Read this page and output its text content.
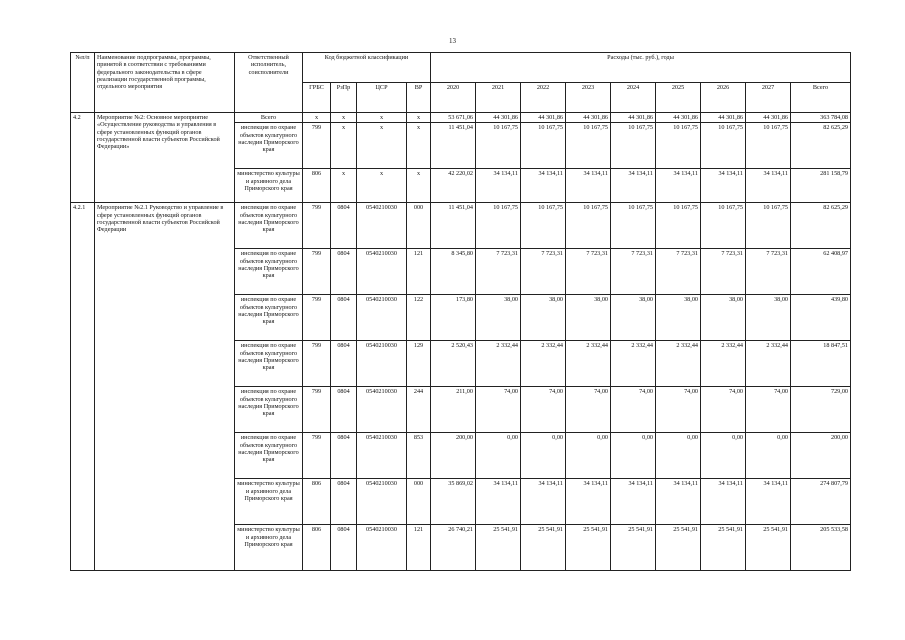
13
№п/п	Наименование подпрограммы, программы, принятой в соответствии с требованиями федерального законодательства в сфере реализации государственной программы, отдельного мероприятия	Ответственный исполнитель, соисполнители	Код бюджетной классификации				Расходы (тыс. руб.), годы								
			ГРБС	РзПр	ЦСР	ВР	2020	2021	2022	2023	2024	2025	2026	2027	Всего
4.2	Мероприятие №2: Основное мероприятие «Осуществление руководства и управления в сфере установленных функций органов государственной власти субъектов Российской Федерации»	Всего	x	x	x	x	53 671,06	44 301,86	44 301,86	44 301,86	44 301,86	44 301,86	44 301,86	44 301,86	363 784,08
		инспекция по охране объектов культурного наследия Приморского края	799	x	x	x	11 451,04	10 167,75	10 167,75	10 167,75	10 167,75	10 167,75	10 167,75	10 167,75	82 625,29
		министерство культуры и архивного дела Приморского края	806	x	x	x	42 220,02	34 134,11	34 134,11	34 134,11	34 134,11	34 134,11	34 134,11	34 134,11	281 158,79
4.2.1	Мероприятие №2.1 Руководство и управление в сфере установленных функций органов государственной власти субъектов Российской Федерации	инспекция по охране объектов культурного наследия Приморского края	799	0804	0540210030	000	11 451,04	10 167,75	10 167,75	10 167,75	10 167,75	10 167,75	10 167,75	10 167,75	82 625,29
		инспекция по охране объектов культурного наследия Приморского края	799	0804	0540210030	121	8 345,80	7 723,31	7 723,31	7 723,31	7 723,31	7 723,31	7 723,31	7 723,31	62 408,97
		инспекция по охране объектов культурного наследия Приморского края	799	0804	0540210030	122	173,80	38,00	38,00	38,00	38,00	38,00	38,00	38,00	439,80
		инспекция по охране объектов культурного наследия Приморского края	799	0804	0540210030	129	2 520,43	2 332,44	2 332,44	2 332,44	2 332,44	2 332,44	2 332,44	2 332,44	18 847,51
		инспекция по охране объектов культурного наследия Приморского края	799	0804	0540210030	244	211,00	74,00	74,00	74,00	74,00	74,00	74,00	74,00	729,00
		инспекция по охране объектов культурного наследия Приморского края	799	0804	0540210030	853	200,00	0,00	0,00	0,00	0,00	0,00	0,00	0,00	200,00
		министерство культуры и архивного дела Приморского края	806	0804	0540210030	000	35 869,02	34 134,11	34 134,11	34 134,11	34 134,11	34 134,11	34 134,11	34 134,11	274 807,79
		министерство культуры и архивного дела Приморского края	806	0804	0540210030	121	26 740,21	25 541,91	25 541,91	25 541,91	25 541,91	25 541,91	25 541,91	25 541,91	205 533,58
